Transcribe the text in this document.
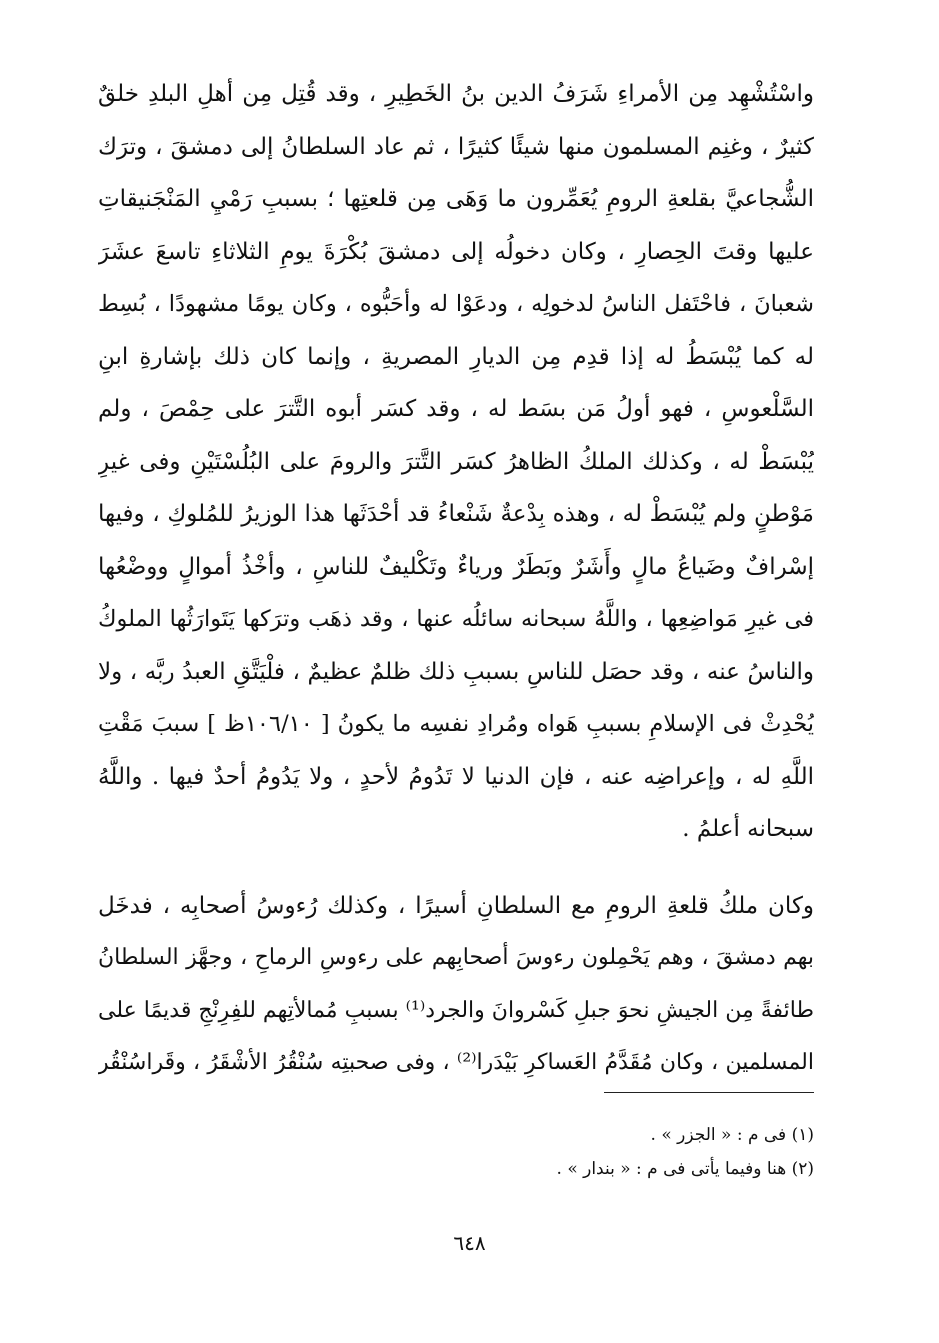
واسْتُشْهِد مِن الأمراءِ شَرَفُ الدين بنُ الخَطِيرِ ، وقد قُتِل مِن أهلِ البلدِ خلقٌ
كثيرٌ ، وغنِم المسلمون منها شيئًا كثيرًا ، ثم عاد السلطانُ إلى دمشقَ ، وترَك
الشُّجاعيَّ بقلعةِ الرومِ يُعَمِّرون ما وَهَى مِن قلعتِها ؛ بسببِ رَمْيِ المَنْجَنيقاتِ
عليها وقتَ الحِصارِ ، وكان دخولُه إلى دمشقَ بُكْرَةَ يومِ الثلاثاءِ تاسعَ عشَرَ
شعبانَ ، فاحْتَفل الناسُ لدخولِه ، ودعَوْا له وأحَبُّوه ، وكان يومًا مشهودًا ، بُسِط
له كما يُبْسَطُ له إذا قدِم مِن الديارِ المصريةِ ، وإنما كان ذلك بإشارةِ ابنِ
السَّلْعوسِ ، فهو أولُ مَن بسَط له ، وقد كسَر أبوه التَّترَ على حِمْصَ ، ولم
يُبْسَطْ له ، وكذلك الملكُ الظاهرُ كسَر التَّترَ والرومَ على البُلُسْتَيْنِ وفى غيرِ
مَوْطنٍ ولم يُبْسَطْ له ، وهذه بِدْعةٌ شَنْعاءُ قد أحْدَثَها هذا الوزيرُ للمُلوكِ ، وفيها
إسْرافٌ وضَياعُ مالٍ وأَشَرٌ وبَطَرٌ ورياءٌ وتَكْليفٌ للناسِ ، وأخْذُ أموالٍ ووضْعُها
فى غيرِ مَواضِعِها ، واللَّهُ سبحانه سائلُه عنها ، وقد ذهَب وترَكها يَتَوارَثُها الملوكُ
والناسُ عنه ، وقد حصَل للناسِ بسببِ ذلك ظلمٌ عظيمٌ ، فلْيَتَّقِ العبدُ ربَّه ، ولا
يُحْدِثْ فى الإسلامِ بسببِ هَواه ومُرادِ نفسِه ما يكونُ [ ١٠٦/١٠ظ ] سببَ مَقْتِ
اللَّهِ له ، وإعراضِه عنه ، فإن الدنيا لا تَدُومُ لأحدٍ ، ولا يَدُومُ أحدٌ فيها . واللَّهُ
سبحانه أعلمُ .
وكان ملكُ قلعةِ الرومِ مع السلطانِ أسيرًا ، وكذلك رُءوسُ أصحابِه ، فدخَل
بهم دمشقَ ، وهم يَحْمِلون رءوسَ أصحابِهم على رءوسِ الرماحِ ، وجهَّز السلطانُ
طائفةً مِن الجيشِ نحوَ جبلِ كَسْروانَ والجرد⁽¹⁾ بسببِ مُمالأتِهم للفِرِنْجِ قديمًا على
المسلمين ، وكان مُقَدَّمُ العَساكرِ بَيْدَرا⁽²⁾ ، وفى صحبتِه سُنْقُرُ الأشْقَرُ ، وقَراسُنْقُر
(١) فى م : « الجزر » .
(٢) هنا وفيما يأتى فى م : « بندار » .
٦٤٨
